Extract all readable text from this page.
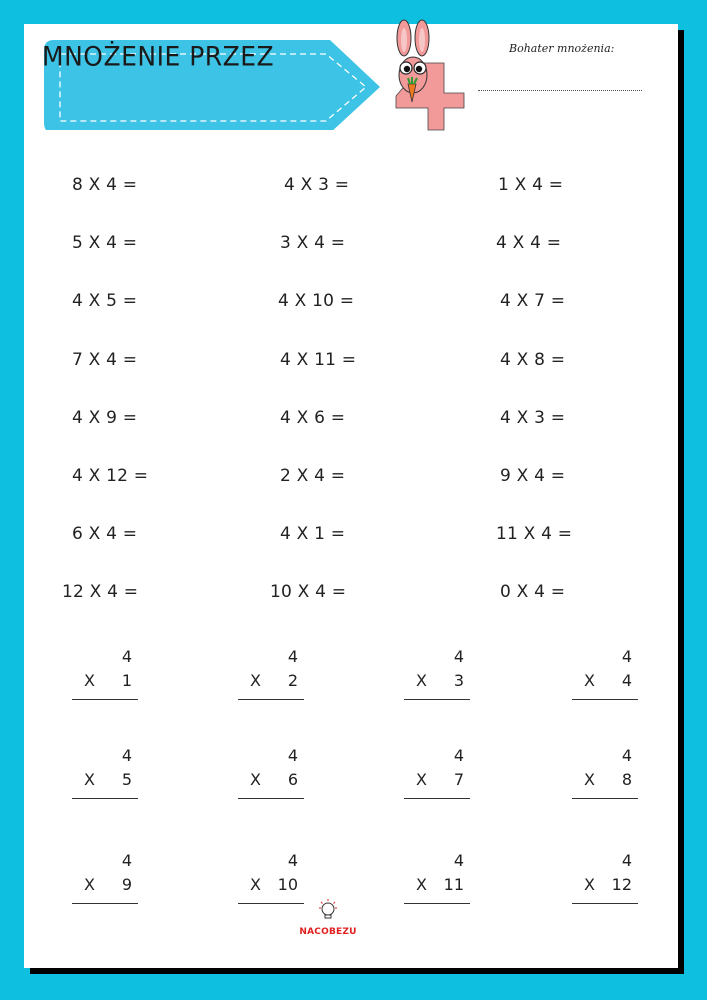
MNOŻENIE PRZEZ	Bohater mnożenia:
8 X 4 =
5 X 4 =
4 X 5 =
7 X 4 =
4 X 9 =
4 X 12 =
6 X 4 =
12 X 4 =
4 X 3 =
3 X 4 =
4 X 10 =
4 X 11 =
4 X 6 =
2 X 4 =
4 X 1 =
10 X 4 =
1 X 4 =
4 X 4 =
4 X 7 =
4 X 8 =
4 X 3 =
9 X 4 =
11 X 4 =
0 X 4 =
4
X 1
4
X 2
4
X 3
4
X 4
4
X 5
4
X 6
4
X 7
4
X 8
4
X 9
4
X 10
4
X 11
4
X 12
NACOBEZU
